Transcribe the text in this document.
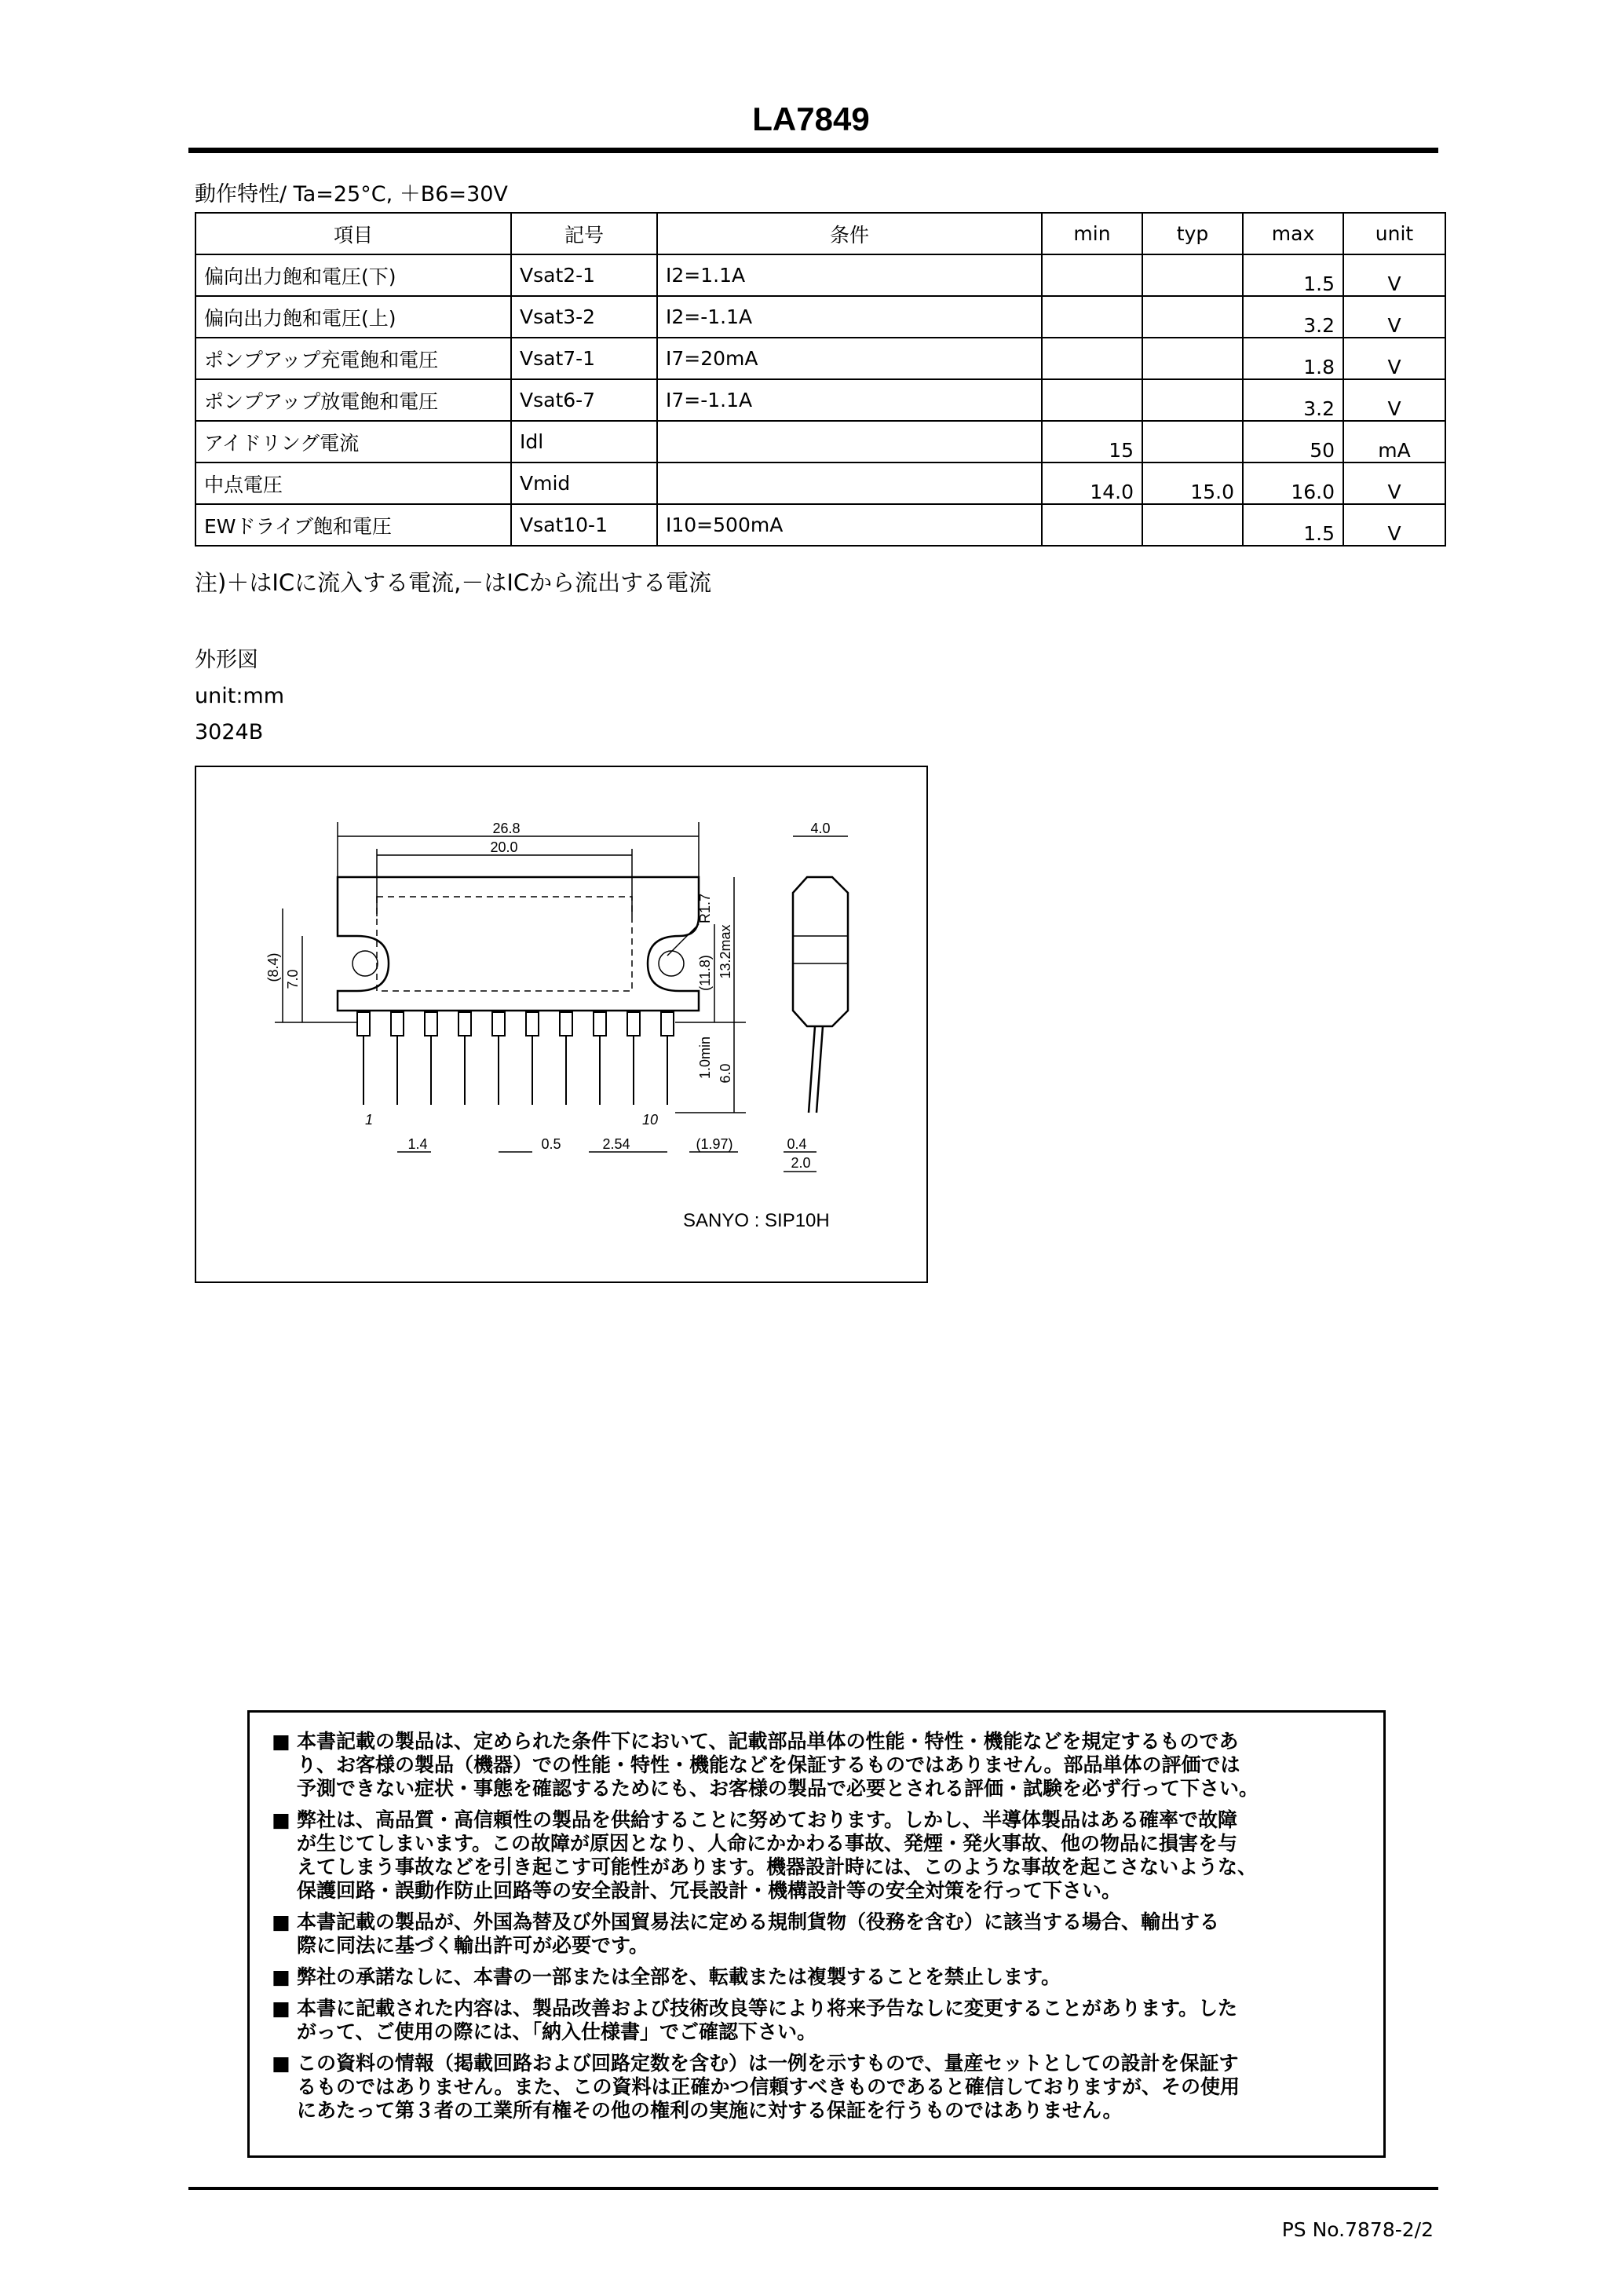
LA7849
動作特性/ Ta=25°C, ＋B6=30V
項目	記号	条件	min	typ	max	unit
偏向出力飽和電圧(下)	Vsat2-1	I2=1.1A			1.5	V
偏向出力飽和電圧(上)	Vsat3-2	I2=-1.1A			3.2	V
ポンプアップ充電飽和電圧	Vsat7-1	I7=20mA			1.8	V
ポンプアップ放電飽和電圧	Vsat6-7	I7=-1.1A			3.2	V
アイドリング電流	Idl		15		50	mA
中点電圧	Vmid		14.0	15.0	16.0	V
EWドライブ飽和電圧	Vsat10-1	I10=500mA			1.5	V
注)＋はICに流入する電流,－はICから流出する電流
外形図
unit:mm
3024B
26.8
20.0
4.0
1	10
(8.4) 7.0
R1.7
(11.8) 13.2max
1.0min 6.0
1.4	0.5	2.54	(1.97)	0.4
2.0
SANYO : SIP10H
■ 本書記載の製品は、定められた条件下において、記載部品単体の性能・特性・機能などを規定するものであ
り、お客様の製品（機器）での性能・特性・機能などを保証するものではありません。部品単体の評価では
予測できない症状・事態を確認するためにも、お客様の製品で必要とされる評価・試験を必ず行って下さい。
■ 弊社は、高品質・高信頼性の製品を供給することに努めております。しかし、半導体製品はある確率で故障
が生じてしまいます。この故障が原因となり、人命にかかわる事故、発煙・発火事故、他の物品に損害を与
えてしまう事故などを引き起こす可能性があります。機器設計時には、このような事故を起こさないような、
保護回路・誤動作防止回路等の安全設計、冗長設計・機構設計等の安全対策を行って下さい。
■ 本書記載の製品が、外国為替及び外国貿易法に定める規制貨物（役務を含む）に該当する場合、輸出する
際に同法に基づく輸出許可が必要です。
■ 弊社の承諾なしに、本書の一部または全部を、転載または複製することを禁止します。
■ 本書に記載された内容は、製品改善および技術改良等により将来予告なしに変更することがあります。した
がって、ご使用の際には、「納入仕様書」でご確認下さい。
■ この資料の情報（掲載回路および回路定数を含む）は一例を示すもので、量産セットとしての設計を保証す
るものではありません。また、この資料は正確かつ信頼すべきものであると確信しておりますが、その使用
にあたって第３者の工業所有権その他の権利の実施に対する保証を行うものではありません。
PS No.7878-2/2
